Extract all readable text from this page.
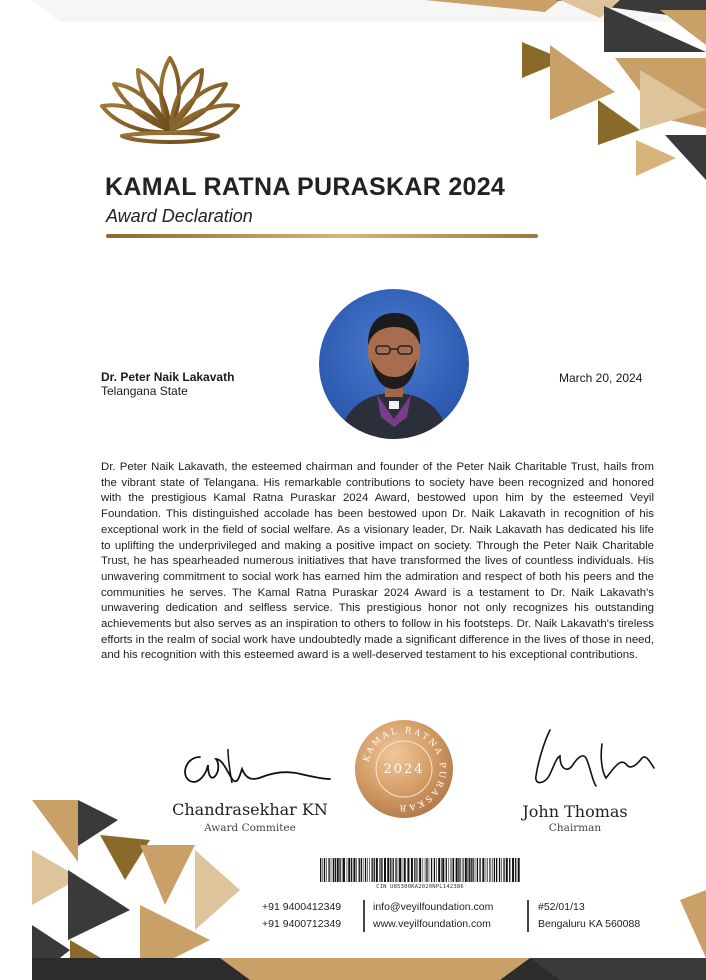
KAMAL RATNA PURASKAR 2024
Award Declaration
Dr. Peter Naik Lakavath
Telangana State
March 20, 2024

Dr. Peter Naik Lakavath, the esteemed chairman and founder of the Peter Naik Charitable Trust, hails from the vibrant state of Telangana. His remarkable contributions to society have been recognized and honored with the prestigious Kamal Ratna Puraskar 2024 Award, bestowed upon him by the esteemed Veyil Foundation. This distinguished accolade has been bestowed upon Dr. Naik Lakavath in recognition of his exceptional work in the field of social welfare. As a visionary leader, Dr. Naik Lakavath has dedicated his life to uplifting the underprivileged and making a positive impact on society. Through the Peter Naik Charitable Trust, he has spearheaded numerous initiatives that have transformed the lives of countless individuals. His unwavering commitment to social work has earned him the admiration and respect of both his peers and the communities he serves. The Kamal Ratna Puraskar 2024 Award is a testament to Dr. Naik Lakavath's unwavering dedication and selfless service. This prestigious honor not only recognizes his outstanding achievements but also serves as an inspiration to others to follow in his footsteps. Dr. Naik Lakavath's tireless efforts in the realm of social work have undoubtedly made a significant difference in the lives of those in need, and his recognition with this esteemed award is a well-deserved testament to his exceptional contributions.

Chandrasekhar KN
Award Commitee
John Thomas
Chairman
KAMAL RATNA PURASKAR
2024
CIN U85300KA2020NPL142386
+91 9400412349
+91 9400712349
info@veyilfoundation.com
www.veyilfoundation.com
#52/01/13
Bengaluru KA 560088
